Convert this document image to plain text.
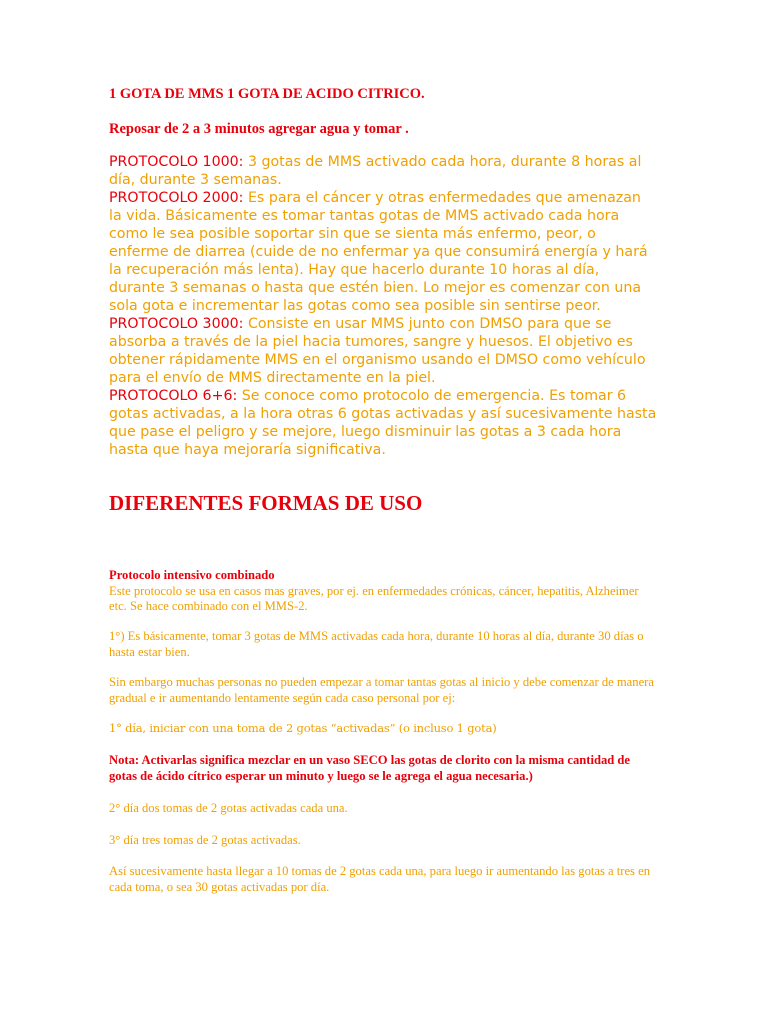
1 GOTA DE MMS 1 GOTA DE ACIDO CITRICO.
Reposar de 2 a 3 minutos agregar agua y tomar .

PROTOCOLO 1000: 3 gotas de MMS activado cada hora, durante 8 horas al día, durante 3 semanas.

PROTOCOLO 2000: Es para el cáncer y otras enfermedades que amenazan la vida. Básicamente es tomar tantas gotas de MMS activado cada hora como le sea posible soportar sin que se sienta más enfermo, peor, o enferme de diarrea (cuide de no enfermar ya que consumirá energía y hará la recuperación más lenta). Hay que hacerlo durante 10 horas al día, durante 3 semanas o hasta que estén bien. Lo mejor es comenzar con una sola gota e incrementar las gotas como sea posible sin sentirse peor.

PROTOCOLO 3000: Consiste en usar MMS junto con DMSO para que se absorba a través de la piel hacia tumores, sangre y huesos. El objetivo es obtener rápidamente MMS en el organismo usando el DMSO como vehículo para el envío de MMS directamente en la piel.

PROTOCOLO 6+6: Se conoce como protocolo de emergencia. Es tomar 6 gotas activadas, a la hora otras 6 gotas activadas y así sucesivamente hasta que pase el peligro y se mejore, luego disminuir las gotas a 3 cada hora hasta que haya mejoraría significativa.

DIFERENTES FORMAS DE USO

Protocolo intensivo combinado
Este protocolo se usa en casos mas graves, por ej. en enfermedades crónicas, cáncer, hepatitis, Alzheimer etc. Se hace combinado con el MMS-2.

1°) Es básicamente, tomar 3 gotas de MMS activadas cada hora, durante 10 horas al día, durante 30 días o hasta estar bien.

Sin embargo muchas personas no pueden empezar a tomar tantas gotas al inicio y debe comenzar de manera gradual e ir aumentando lentamente según cada caso personal por ej:

1° día, iniciar con una toma de 2 gotas “activadas” (o incluso 1 gota)

Nota: Activarlas significa mezclar en un vaso SECO las gotas de clorito con la misma cantidad de gotas de ácido cítrico esperar un minuto y luego se le agrega el agua necesaria.)

2° día dos tomas de 2 gotas activadas cada una.

3° día tres tomas de 2 gotas activadas.

Así sucesivamente hasta llegar a 10 tomas de 2 gotas cada una, para luego ir aumentando las gotas a tres en cada toma, o sea 30 gotas activadas por día.
